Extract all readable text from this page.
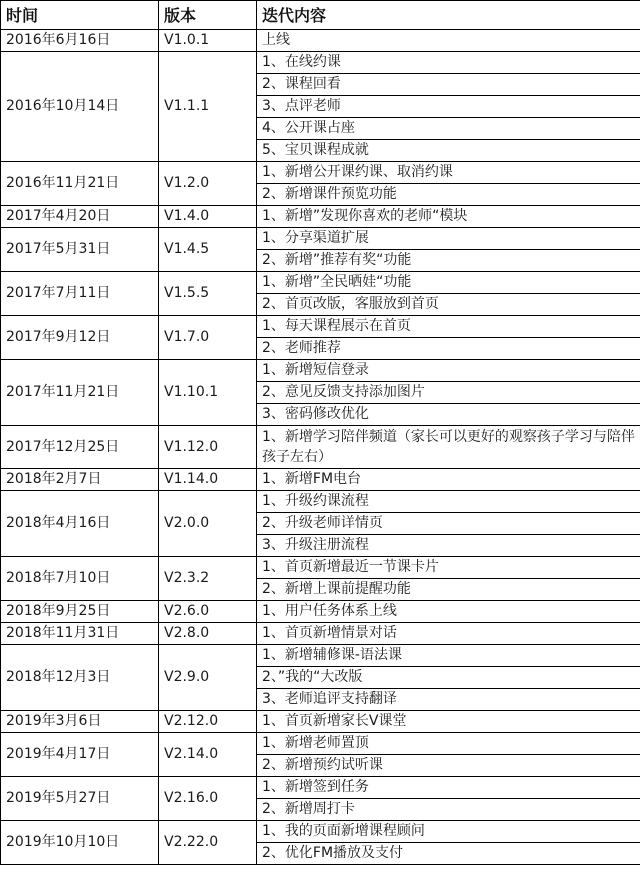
时间	版本	迭代内容
2016年6月16日	V1.0.1	上线
2016年10月14日	V1.1.1	1、在线约课
		2、课程回看
		3、点评老师
		4、公开课占座
		5、宝贝课程成就
2016年11月21日	V1.2.0	1、新增公开课约课、取消约课
		2、新增课件预览功能
2017年4月20日	V1.4.0	1、新增”发现你喜欢的老师“模块
2017年5月31日	V1.4.5	1、分享渠道扩展
		2、新增”推荐有奖“功能
2017年7月11日	V1.5.5	1、新增”全民晒娃“功能
		2、首页改版，客服放到首页
2017年9月12日	V1.7.0	1、每天课程展示在首页
		2、老师推荐
2017年11月21日	V1.10.1	1、新增短信登录
		2、意见反馈支持添加图片
		3、密码修改优化
2017年12月25日	V1.12.0	1、新增学习陪伴频道（家长可以更好的观察孩子学习与陪伴孩子左右）
2018年2月7日	V1.14.0	1、新增FM电台
2018年4月16日	V2.0.0	1、升级约课流程
		2、升级老师详情页
		3、升级注册流程
2018年7月10日	V2.3.2	1、首页新增最近一节课卡片
		2、新增上课前提醒功能
2018年9月25日	V2.6.0	1、用户任务体系上线
2018年11月31日	V2.8.0	1、首页新增情景对话
2018年12月3日	V2.9.0	1、新增辅修课-语法课
		2、”我的“大改版
		3、老师追评支持翻译
2019年3月6日	V2.12.0	1、首页新增家长V课堂
2019年4月17日	V2.14.0	1、新增老师置顶
		2、新增预约试听课
2019年5月27日	V2.16.0	1、新增签到任务
		2、新增周打卡
2019年10月10日	V2.22.0	1、我的页面新增课程顾问
		2、优化FM播放及支付
